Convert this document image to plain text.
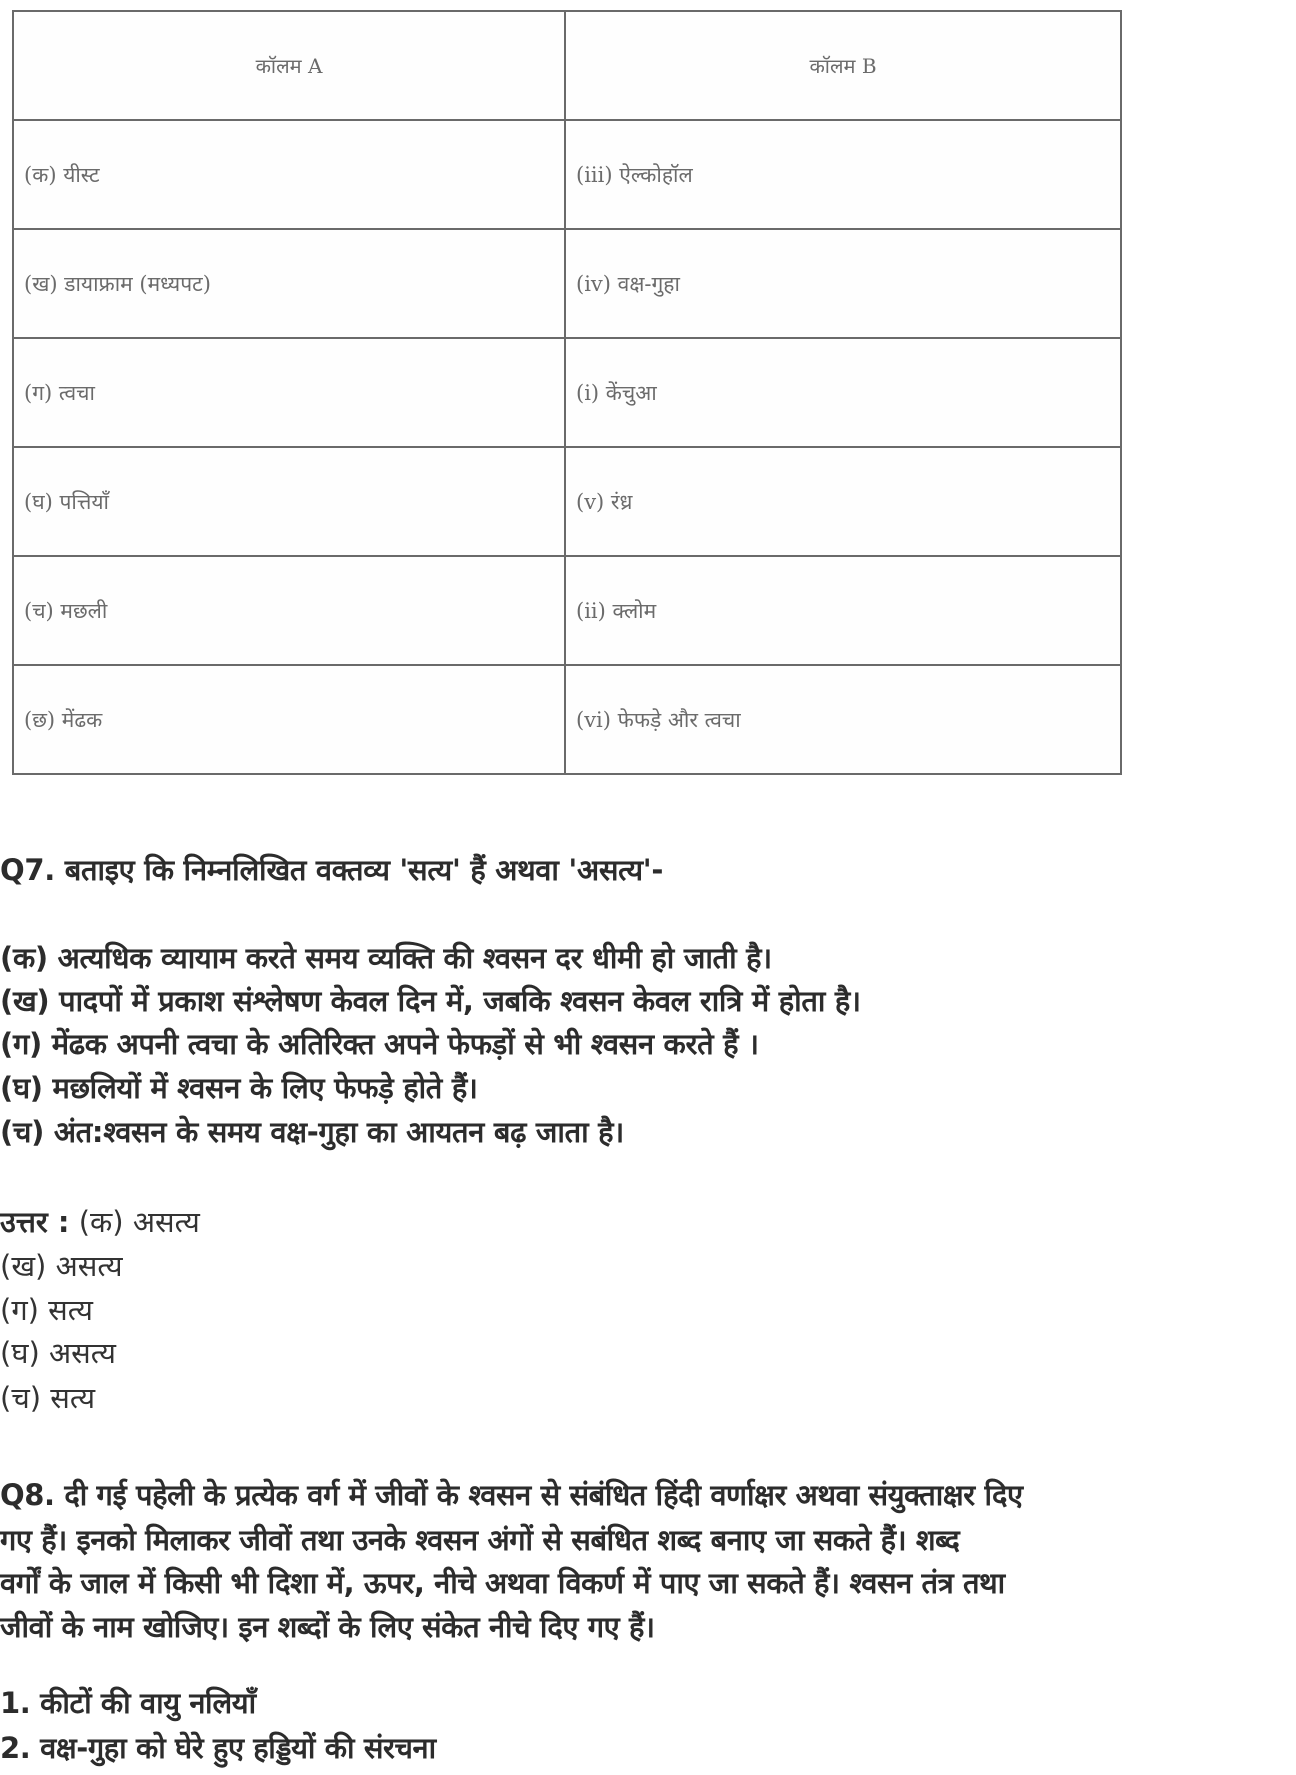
कॉलम A	कॉलम B
(क) यीस्ट	(iii) ऐल्कोहॉल
(ख) डायाफ्राम (मध्यपट)	(iv) वक्ष-गुहा
(ग) त्वचा	(i) केंचुआ
(घ) पत्तियाँ	(v) रंध्र
(च) मछली	(ii) क्लोम
(छ) मेंढक	(vi) फेफड़े और त्वचा
Q7. बताइए कि निम्नलिखित वक्तव्य 'सत्य' हैं अथवा 'असत्य'-
(क) अत्यधिक व्यायाम करते समय व्यक्ति की श्वसन दर धीमी हो जाती है।
(ख) पादपों में प्रकाश संश्लेषण केवल दिन में, जबकि श्वसन केवल रात्रि में होता है।
(ग) मेंढक अपनी त्वचा के अतिरिक्त अपने फेफड़ों से भी श्वसन करते हैं ।
(घ) मछलियों में श्वसन के लिए फेफड़े होते हैं।
(च) अंत:श्वसन के समय वक्ष-गुहा का आयतन बढ़ जाता है।
उत्तर : (क) असत्य
(ख) असत्य
(ग) सत्य
(घ) असत्य
(च) सत्य
Q8. दी गई पहेली के प्रत्येक वर्ग में जीवों के श्वसन से संबंधित हिंदी वर्णाक्षर अथवा संयुक्ताक्षर दिए
गए हैं। इनको मिलाकर जीवों तथा उनके श्वसन अंगों से सबंधित शब्द बनाए जा सकते हैं। शब्द
वर्गों के जाल में किसी भी दिशा में, ऊपर, नीचे अथवा विकर्ण में पाए जा सकते हैं। श्वसन तंत्र तथा
जीवों के नाम खोजिए। इन शब्दों के लिए संकेत नीचे दिए गए हैं।
1. कीटों की वायु नलियाँ
2. वक्ष-गुहा को घेरे हुए हड्डियों की संरचना
